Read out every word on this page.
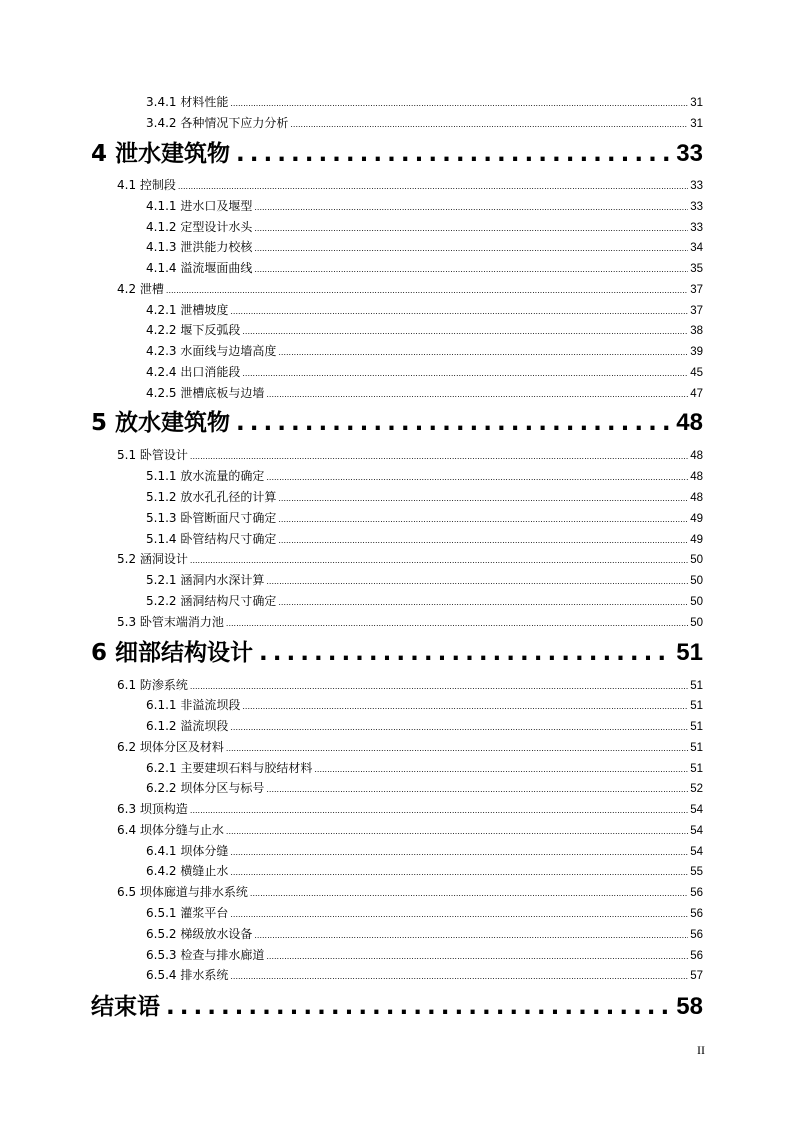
3.4.1 材料性能 .....	31
3.4.2 各种情况下应力分析 .....	31
4 泄水建筑物 .....	33
4.1 控制段 .....	33
4.1.1 进水口及堰型 .....	33
4.1.2 定型设计水头 .....	33
4.1.3 泄洪能力校核 .....	34
4.1.4 溢流堰面曲线 .....	35
4.2 泄槽 .....	37
4.2.1 泄槽坡度 .....	37
4.2.2 堰下反弧段 .....	38
4.2.3 水面线与边墙高度 .....	39
4.2.4 出口消能段 .....	45
4.2.5 泄槽底板与边墙 .....	47
5 放水建筑物 .....	48
5.1 卧管设计 .....	48
5.1.1 放水流量的确定 .....	48
5.1.2 放水孔孔径的计算 .....	48
5.1.3 卧管断面尺寸确定 .....	49
5.1.4 卧管结构尺寸确定 .....	49
5.2 涵洞设计 .....	50
5.2.1 涵洞内水深计算 .....	50
5.2.2 涵洞结构尺寸确定 .....	50
5.3 卧管末端消力池 .....	50
6 细部结构设计 .....	51
6.1 防渗系统 .....	51
6.1.1 非溢流坝段 .....	51
6.1.2 溢流坝段 .....	51
6.2 坝体分区及材料 .....	51
6.2.1 主要建坝石料与胶结材料 .....	51
6.2.2 坝体分区与标号 .....	52
6.3 坝顶构造 .....	54
6.4 坝体分缝与止水 .....	54
6.4.1 坝体分缝 .....	54
6.4.2 横缝止水 .....	55
6.5 坝体廊道与排水系统 .....	56
6.5.1 灌浆平台 .....	56
6.5.2 梯级放水设备 .....	56
6.5.3 检查与排水廊道 .....	56
6.5.4 排水系统 .....	57
结束语 .....	58
II
